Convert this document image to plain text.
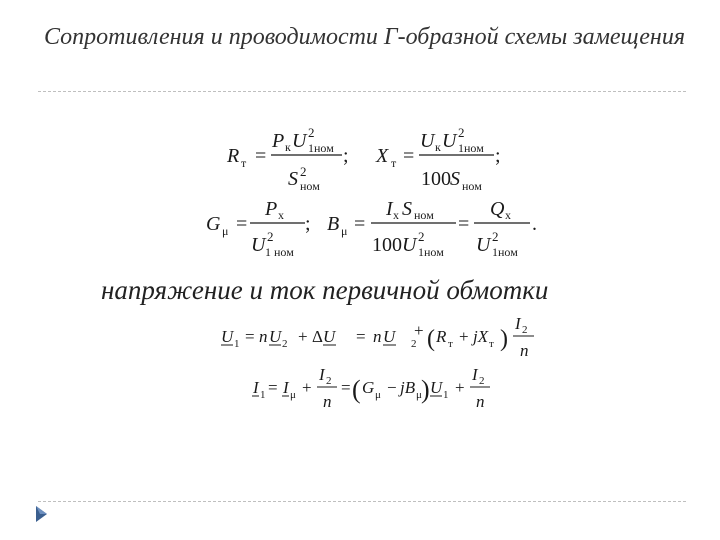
Сопротивления и проводимости Г-образной схемы замещения
R т =
P к U 2
1ном
S 2
ном
; X т =
U к U 2
1ном
100 S ном
;
G μ =
P x
U 2
1 ном
; B μ =
I x S ном
100 U 2
1ном
=
Q x
U 2
1ном
.
U 1 = n U 2 + Δ U = n U 2
+ ( R т + jX т )
I 2
n
I 1 = I μ +
I 2
n
= ( G μ − jB μ ) U 1 +
I 2
n
напряжение и ток первичной обмотки
